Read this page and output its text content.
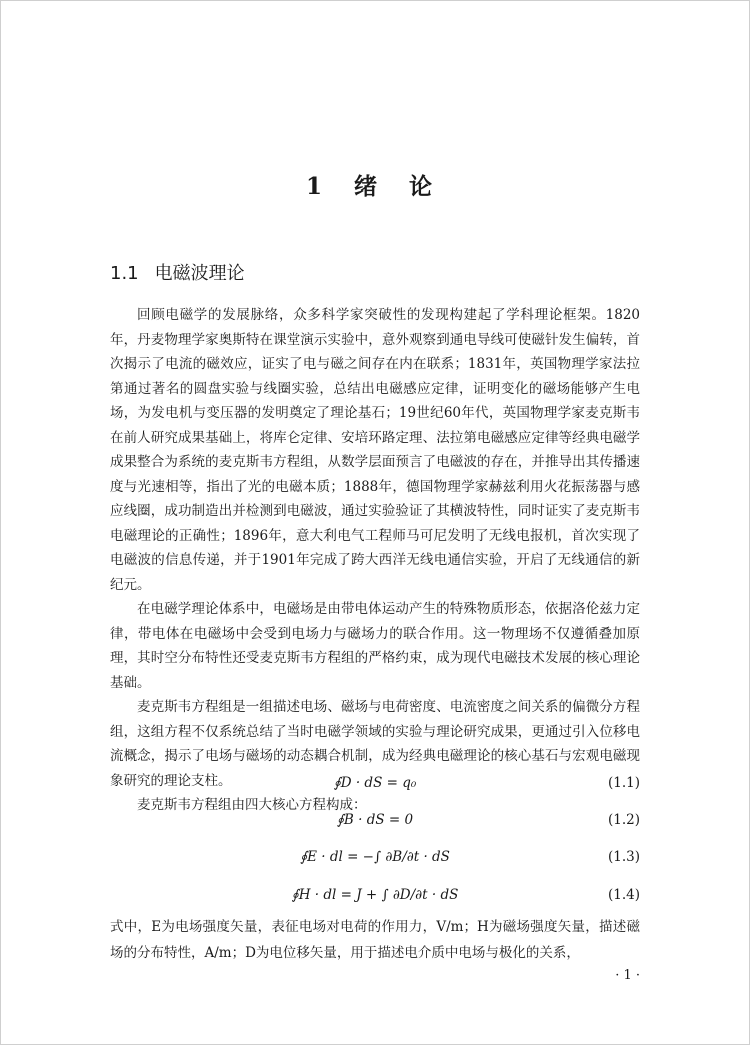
1 绪 论
1.1 电磁波理论

回顾电磁学的发展脉络，众多科学家突破性的发现构建起了学科理论框架。1820年，丹麦物理学家奥斯特在课堂演示实验中，意外观察到通电导线可使磁针发生偏转，首次揭示了电流的磁效应，证实了电与磁之间存在内在联系；1831年，英国物理学家法拉第通过著名的圆盘实验与线圈实验，总结出电磁感应定律，证明变化的磁场能够产生电场，为发电机与变压器的发明奠定了理论基石；19世纪60年代，英国物理学家麦克斯韦在前人研究成果基础上，将库仑定律、安培环路定理、法拉第电磁感应定律等经典电磁学成果整合为系统的麦克斯韦方程组，从数学层面预言了电磁波的存在，并推导出其传播速度与光速相等，指出了光的电磁本质；1888年，德国物理学家赫兹利用火花振荡器与感应线圈，成功制造出并检测到电磁波，通过实验验证了其横波特性，同时证实了麦克斯韦电磁理论的正确性；1896年，意大利电气工程师马可尼发明了无线电报机，首次实现了电磁波的信息传递，并于1901年完成了跨大西洋无线电通信实验，开启了无线通信的新纪元。

在电磁学理论体系中，电磁场是由带电体运动产生的特殊物质形态，依据洛伦兹力定律，带电体在电磁场中会受到电场力与磁场力的联合作用。这一物理场不仅遵循叠加原理，其时空分布特性还受麦克斯韦方程组的严格约束，成为现代电磁技术发展的核心理论基础。

麦克斯韦方程组是一组描述电场、磁场与电荷密度、电流密度之间关系的偏微分方程组，这组方程不仅系统总结了当时电磁学领域的实验与理论研究成果，更通过引入位移电流概念，揭示了电场与磁场的动态耦合机制，成为经典电磁理论的核心基石与宏观电磁现象研究的理论支柱。

麦克斯韦方程组由四大核心方程构成：

∮D · dS = q₀	(1.1)
∮B · dS = 0	(1.2)
∮E · dl = −∫ ∂B/∂t · dS	(1.3)
∮H · dl = J + ∫ ∂D/∂t · dS	(1.4)

式中，E为电场强度矢量，表征电场对电荷的作用力，V/m；H为磁场强度矢量，描述磁场的分布特性，A/m；D为电位移矢量，用于描述电介质中电场与极化的关系，

· 1 ·
